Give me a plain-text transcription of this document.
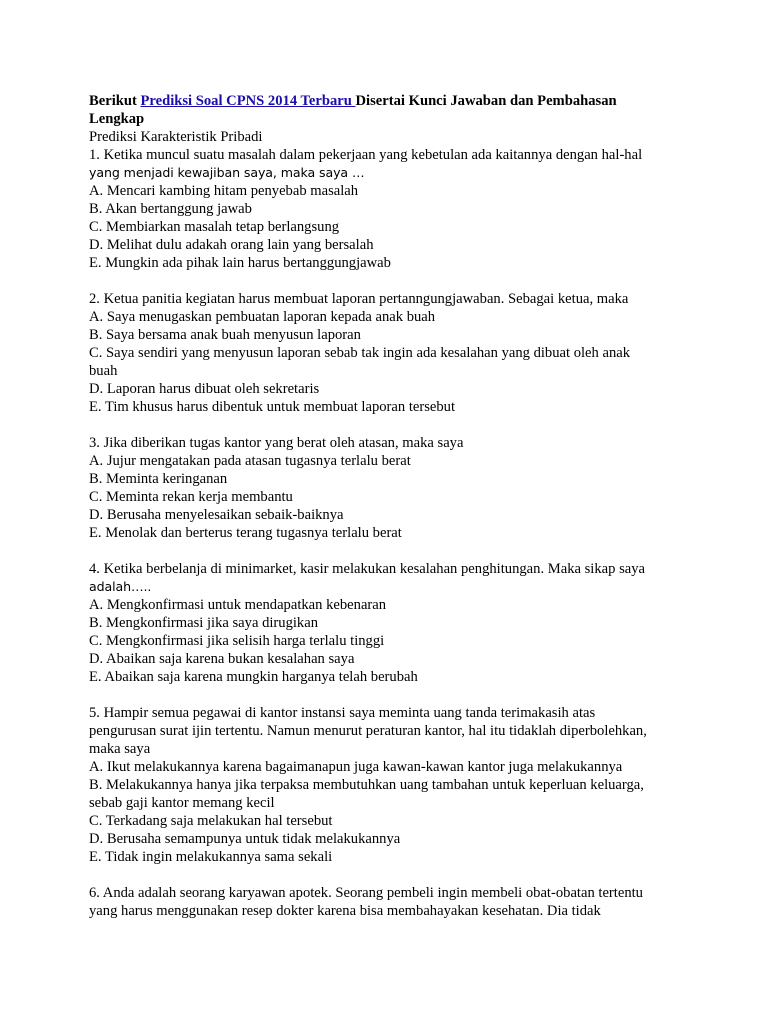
Berikut Prediksi Soal CPNS 2014 Terbaru Disertai Kunci Jawaban dan Pembahasan
Lengkap
Prediksi Karakteristik Pribadi
1. Ketika muncul suatu masalah dalam pekerjaan yang kebetulan ada kaitannya dengan hal-hal
yang menjadi kewajiban saya, maka saya …
A. Mencari kambing hitam penyebab masalah
B. Akan bertanggung jawab
C. Membiarkan masalah tetap berlangsung
D. Melihat dulu adakah orang lain yang bersalah
E. Mungkin ada pihak lain harus bertanggungjawab
2. Ketua panitia kegiatan harus membuat laporan pertanngungjawaban. Sebagai ketua, maka
A. Saya menugaskan pembuatan laporan kepada anak buah
B. Saya bersama anak buah menyusun laporan
C. Saya sendiri yang menyusun laporan sebab tak ingin ada kesalahan yang dibuat oleh anak
buah
D. Laporan harus dibuat oleh sekretaris
E. Tim khusus harus dibentuk untuk membuat laporan tersebut
3. Jika diberikan tugas kantor yang berat oleh atasan, maka saya
A. Jujur mengatakan pada atasan tugasnya terlalu berat
B. Meminta keringanan
C. Meminta rekan kerja membantu
D. Berusaha menyelesaikan sebaik-baiknya
E. Menolak dan berterus terang tugasnya terlalu berat
4. Ketika berbelanja di minimarket, kasir melakukan kesalahan penghitungan. Maka sikap saya
adalah…..
A. Mengkonfirmasi untuk mendapatkan kebenaran
B. Mengkonfirmasi jika saya dirugikan
C. Mengkonfirmasi jika selisih harga terlalu tinggi
D. Abaikan saja karena bukan kesalahan saya
E. Abaikan saja karena mungkin harganya telah berubah
5. Hampir semua pegawai di kantor instansi saya meminta uang tanda terimakasih atas
pengurusan surat ijin tertentu. Namun menurut peraturan kantor, hal itu tidaklah diperbolehkan,
maka saya
A. Ikut melakukannya karena bagaimanapun juga kawan-kawan kantor juga melakukannya
B. Melakukannya hanya jika terpaksa membutuhkan uang tambahan untuk keperluan keluarga,
sebab gaji kantor memang kecil
C. Terkadang saja melakukan hal tersebut
D. Berusaha semampunya untuk tidak melakukannya
E. Tidak ingin melakukannya sama sekali
6. Anda adalah seorang karyawan apotek. Seorang pembeli ingin membeli obat-obatan tertentu
yang harus menggunakan resep dokter karena bisa membahayakan kesehatan. Dia tidak
